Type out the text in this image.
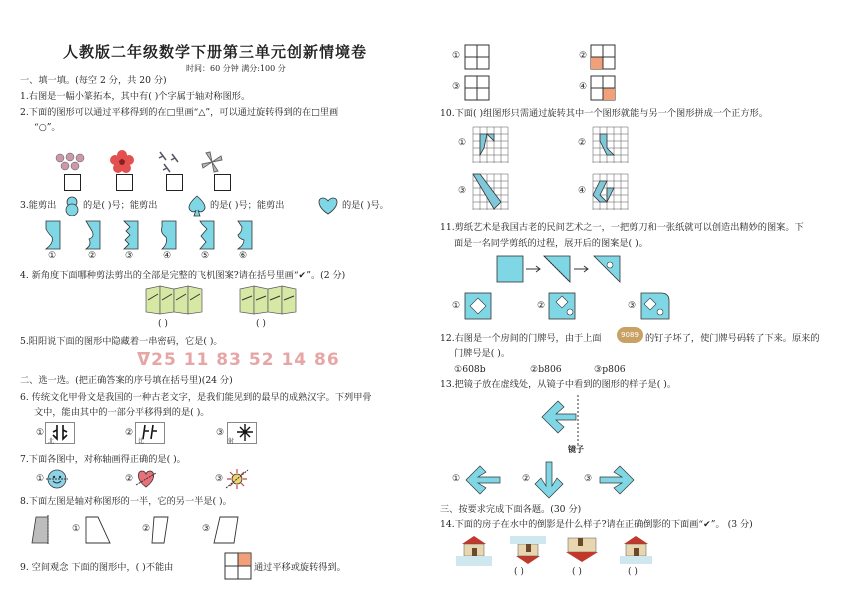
人教版二年级数学下册第三单元创新情境卷
时间：60 分钟 满分:100 分
一、填一填。(每空 2 分，共 20 分)
1.右图是一幅小篆拓本，其中有( )个字属于轴对称图形。
2.下面的图形可以通过平移得到的在□里画“△”，可以通过旋转得到的在□里画
“○”。
3.能剪出	的是( )号；能剪出	的是( )号；能剪出	的是( )号。
①	②	③	④	⑤	⑥
4. 新角度下面哪种剪法剪出的全部是完整的飞机图案?请在括号里画“✔”。(2 分)
( )	( )
5.阳阳说下面的图形中隐藏着一串密码，它是( )。
ᐁ25 11 83 52 14 86
二、选一选。(把正确答案的序号填在括号里)(24 分)
6. 传统文化甲骨文是我国的一种古老文字，是我们能见到的最早的成熟汉字。下列甲骨
文中，能由其中的一部分平移得到的是( )。
①	②	③
北	比	射
7.下面各图中，对称轴画得正确的是( )。
①	②	③
8.下面左图是轴对称图形的一半，它的另一半是( )。
①	②	③
9. 空间观念 下面的图形中，( )不能由	通过平移或旋转得到。
①	②
③	④
10.下面( )组图形只需通过旋转其中一个图形就能与另一个图形拼成一个正方形。
①	②
③	④
11.剪纸艺术是我国古老的民间艺术之一，一把剪刀和一张纸就可以创造出精妙的图案。下
面是一名同学剪纸的过程，展开后的图案是( )。
①	②	③
12.右图是一个房间的门牌号，由于上面	9089 的钉子坏了，使门牌号码转了下来。原来的
门牌号是( )。
①608b	②b806	③p806
13.把镜子放在虚线处，从镜子中看到的图形的样子是( )。
镜子
①	②	③
三、按要求完成下面各题。(30 分)
14.下面的房子在水中的倒影是什么样子?请在正确倒影的下面画“✔”。 (3 分)
( )	( )	( )
